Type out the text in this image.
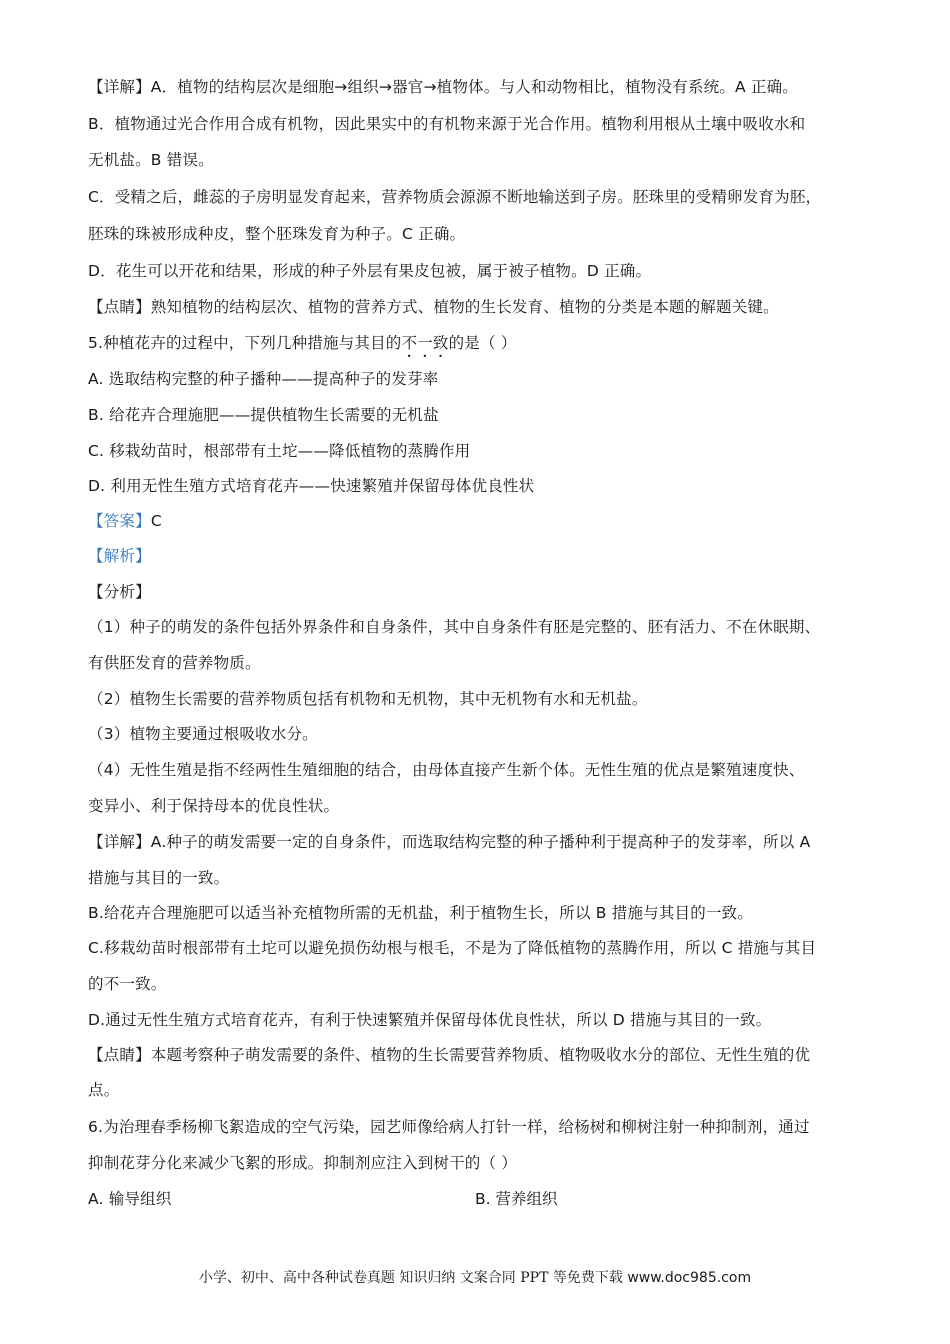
【详解】A．植物的结构层次是细胞→组织→器官→植物体。与人和动物相比，植物没有系统。A 正确。
B．植物通过光合作用合成有机物，因此果实中的有机物来源于光合作用。植物利用根从土壤中吸收水和
无机盐。B 错误。
C．受精之后，雌蕊的子房明显发育起来，营养物质会源源不断地输送到子房。胚珠里的受精卵发育为胚，
胚珠的珠被形成种皮，整个胚珠发育为种子。C 正确。
D．花生可以开花和结果，形成的种子外层有果皮包被，属于被子植物。D 正确。
【点睛】熟知植物的结构层次、植物的营养方式、植物的生长发育、植物的分类是本题的解题关键。
5.种植花卉的过程中，下列几种措施与其目的不一致的是（ ）
A. 选取结构完整的种子播种——提高种子的发芽率
B. 给花卉合理施肥——提供植物生长需要的无机盐
C. 移栽幼苗时，根部带有土坨——降低植物的蒸腾作用
D. 利用无性生殖方式培育花卉——快速繁殖并保留母体优良性状
【答案】C
【解析】
【分析】
（1）种子的萌发的条件包括外界条件和自身条件，其中自身条件有胚是完整的、胚有活力、不在休眠期、
有供胚发育的营养物质。
（2）植物生长需要的营养物质包括有机物和无机物，其中无机物有水和无机盐。
（3）植物主要通过根吸收水分。
（4）无性生殖是指不经两性生殖细胞的结合，由母体直接产生新个体。无性生殖的优点是繁殖速度快、
变异小、利于保持母本的优良性状。
【详解】A.种子的萌发需要一定的自身条件，而选取结构完整的种子播种利于提高种子的发芽率，所以 A
措施与其目的一致。
B.给花卉合理施肥可以适当补充植物所需的无机盐，利于植物生长，所以 B 措施与其目的一致。
C.移栽幼苗时根部带有土坨可以避免损伤幼根与根毛，不是为了降低植物的蒸腾作用，所以 C 措施与其目
的不一致。
D.通过无性生殖方式培育花卉，有利于快速繁殖并保留母体优良性状，所以 D 措施与其目的一致。
【点睛】本题考察种子萌发需要的条件、植物的生长需要营养物质、植物吸收水分的部位、无性生殖的优
点。
6.为治理春季杨柳飞絮造成的空气污染，园艺师像给病人打针一样，给杨树和柳树注射一种抑制剂，通过
抑制花芽分化来减少飞絮的形成。抑制剂应注入到树干的（ ）
A. 输导组织	B. 营养组织
小学、初中、高中各种试卷真题 知识归纳 文案合同 PPT 等免费下载 www.doc985.com
